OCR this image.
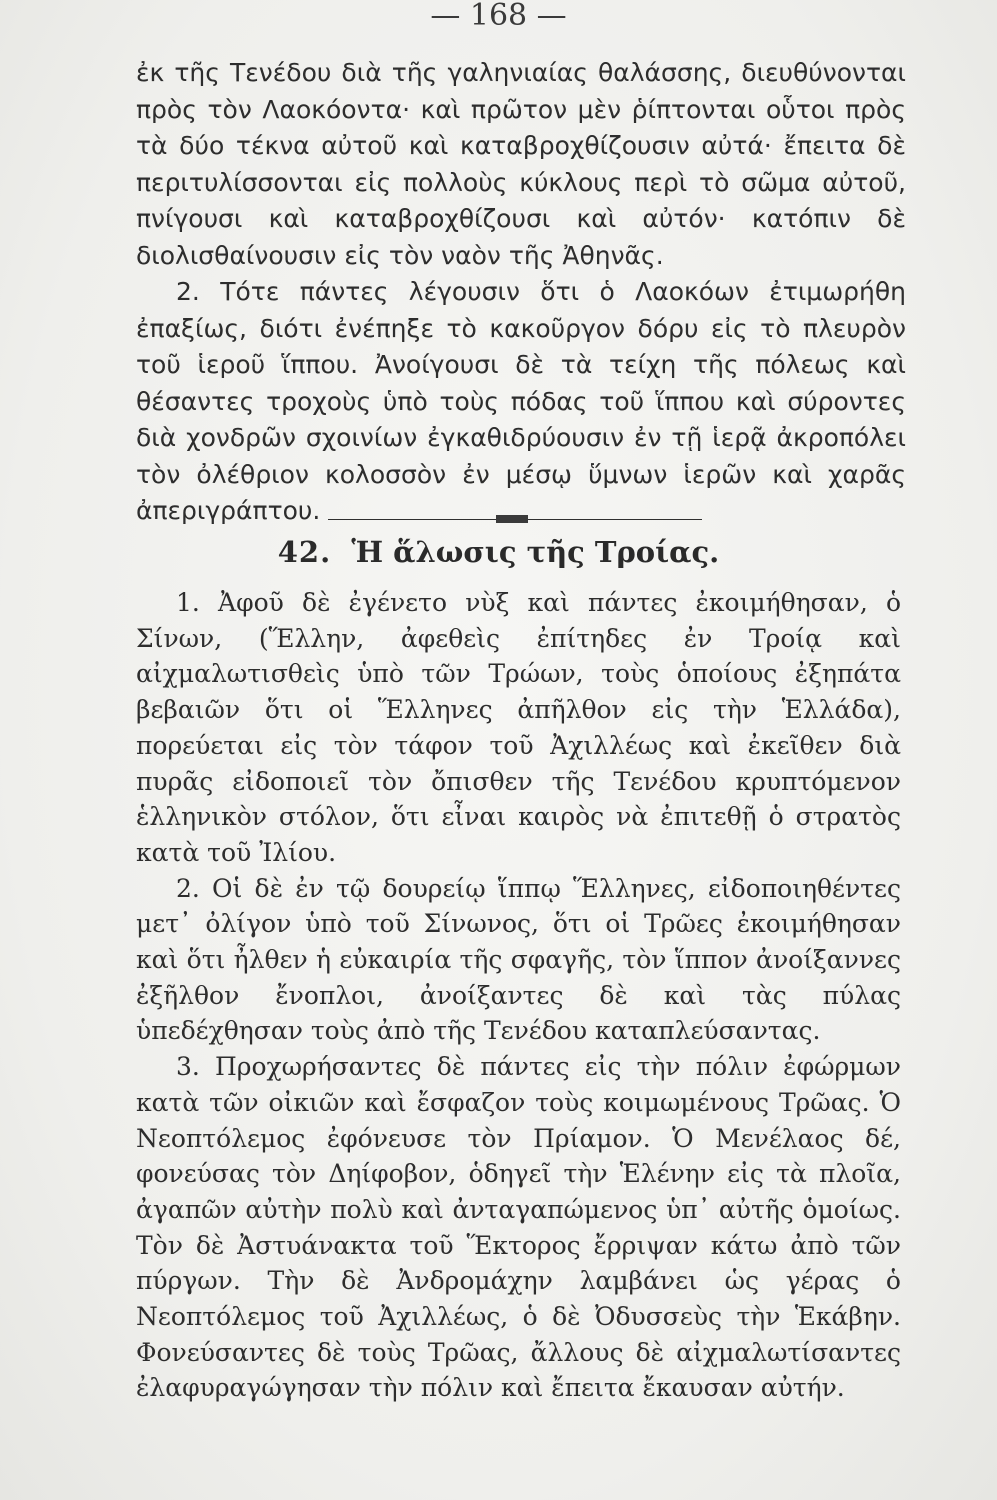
— 168 —

ἐκ τῆς Τενέδου διὰ τῆς γαληνιαίας θαλάσσης, διευθύνονται πρὸς τὸν Λαοκόοντα· καὶ πρῶτον μὲν ῥίπτονται οὗτοι πρὸς τὰ δύο τέκνα αὐτοῦ καὶ καταβροχθίζουσιν αὐτά· ἔπειτα δὲ περιτυλίσσονται εἰς πολλοὺς κύκλους περὶ τὸ σῶμα αὐτοῦ, πνίγουσι καὶ καταβροχθίζουσι καὶ αὐτόν· κατόπιν δὲ διολισθαίνουσιν εἰς τὸν ναὸν τῆς Ἀθηνᾶς.

2. Τότε πάντες λέγουσιν ὅτι ὁ Λαοκόων ἐτιμωρήθη ἐπαξίως, διότι ἐνέπηξε τὸ κακοῦργον δόρυ εἰς τὸ πλευρὸν τοῦ ἱεροῦ ἵππου. Ἀνοίγουσι δὲ τὰ τείχη τῆς πόλεως καὶ θέσαντες τροχοὺς ὑπὸ τοὺς πόδας τοῦ ἵππου καὶ σύροντες διὰ χονδρῶν σχοινίων ἐγκαθιδρύουσιν ἐν τῇ ἱερᾷ ἀκροπόλει τὸν ὀλέθριον κολοσσὸν ἐν μέσῳ ὕμνων ἱερῶν καὶ χαρᾶς ἀπεριγράπτου.

42. Ἡ ἅλωσις τῆς Τροίας.

1. Ἀφοῦ δὲ ἐγένετο νὺξ καὶ πάντες ἐκοιμήθησαν, ὁ Σίνων, (Ἕλλην, ἀφεθεὶς ἐπίτηδες ἐν Τροίᾳ καὶ αἰχμαλωτισθεὶς ὑπὸ τῶν Τρώων, τοὺς ὁποίους ἐξηπάτα βεβαιῶν ὅτι οἱ Ἕλληνες ἀπῆλθον εἰς τὴν Ἑλλάδα), πορεύεται εἰς τὸν τάφον τοῦ Ἀχιλλέως καὶ ἐκεῖθεν διὰ πυρᾶς εἰδοποιεῖ τὸν ὄπισθεν τῆς Τενέδου κρυπτόμενον ἑλληνικὸν στόλον, ὅτι εἶναι καιρὸς νὰ ἐπιτεθῇ ὁ στρατὸς κατὰ τοῦ Ἰλίου.

2. Οἱ δὲ ἐν τῷ δουρείῳ ἵππῳ Ἕλληνες, εἰδοποιηθέντες μετ᾽ ὀλίγον ὑπὸ τοῦ Σίνωνος, ὅτι οἱ Τρῶες ἐκοιμήθησαν καὶ ὅτι ἦλθεν ἡ εὐκαιρία τῆς σφαγῆς, τὸν ἵππον ἀνοίξαννες ἐξῆλθον ἔνοπλοι, ἀνοίξαντες δὲ καὶ τὰς πύλας ὑπεδέχθησαν τοὺς ἀπὸ τῆς Τενέδου καταπλεύσαντας.

3. Προχωρήσαντες δὲ πάντες εἰς τὴν πόλιν ἐφώρμων κατὰ τῶν οἰκιῶν καὶ ἔσφαζον τοὺς κοιμωμένους Τρῶας. Ὁ Νεοπτόλεμος ἐφόνευσε τὸν Πρίαμον. Ὁ Μενέλαος δέ, φονεύσας τὸν Δηίφοβον, ὁδηγεῖ τὴν Ἑλένην εἰς τὰ πλοῖα, ἀγαπῶν αὐτὴν πολὺ καὶ ἀνταγαπώμενος ὑπ᾽ αὐτῆς ὁμοίως. Τὸν δὲ Ἀστυάνακτα τοῦ Ἕκτορος ἔρριψαν κάτω ἀπὸ τῶν πύργων. Τὴν δὲ Ἀνδρομάχην λαμβάνει ὡς γέρας ὁ Νεοπτόλεμος τοῦ Ἀχιλλέως, ὁ δὲ Ὀδυσσεὺς τὴν Ἑκάβην. Φονεύσαντες δὲ τοὺς Τρῶας, ἄλλους δὲ αἰχμαλωτίσαντες ἐλαφυραγώγησαν τὴν πόλιν καὶ ἔπειτα ἔκαυσαν αὐτήν.
